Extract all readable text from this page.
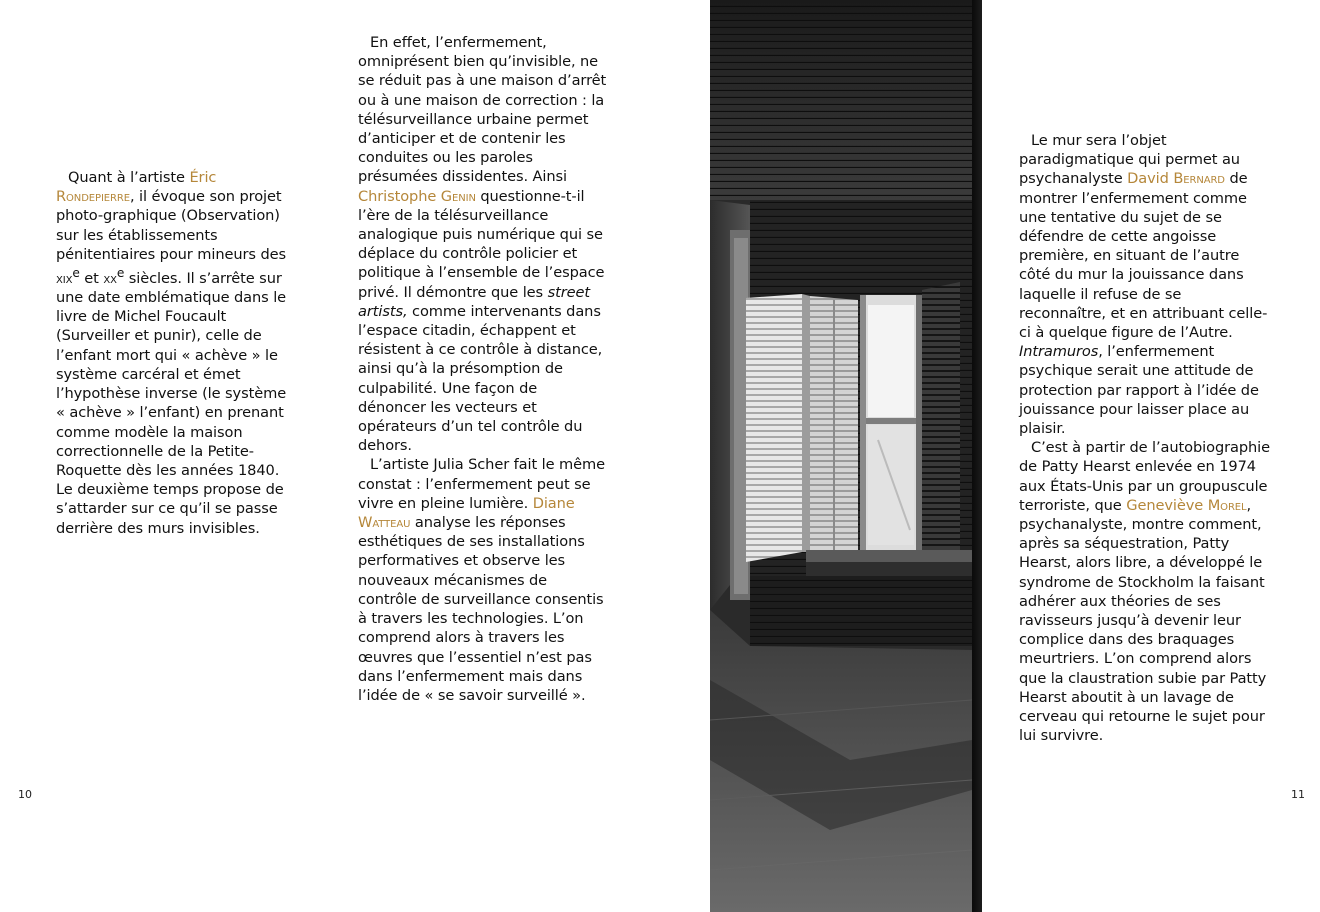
Quant à l’artiste Éric Rondepierre, il évoque son projet photo-graphique (Observation) sur les établissements pénitentiaires pour mineurs des xix$^e$ et $xx^e$ siècles. Il s’arrête sur une date emblématique dans le livre de Michel Foucault (Surveiller et punir), celle de l’enfant mort qui « achève » le système carcéral et émet l’hypothèse inverse (le système « achève » l’enfant) en prenant comme modèle la maison correctionnelle de la Petite-Roquette dès les années 1840. Le deuxième temps propose de s’attarder sur ce qu’il se passe derrière des murs invisibles.

En effet, l’enfermement, omniprésent bien qu’invisible, ne se réduit pas à une maison d’arrêt ou à une maison de correction : la télésurveillance urbaine permet d’anticiper et de contenir les conduites ou les paroles présumées dissidentes. Ainsi Christophe Genin questionne-t-il l’ère de la télésurveillance analogique puis numérique qui se déplace du contrôle policier et politique à l’ensemble de l’espace privé. Il démontre que les street artists, comme intervenants dans l’espace citadin, échappent et résistent à ce contrôle à distance, ainsi qu’à la présomption de culpabilité. Une façon de dénoncer les vecteurs et opérateurs d’un tel contrôle du dehors.

L’artiste Julia Scher fait le même constat : l’enfermement peut se vivre en pleine lumière. Diane Watteau analyse les réponses esthétiques de ses installations performatives et observe les nouveaux mécanismes de contrôle de surveillance consentis à travers les technologies. L’on comprend alors à travers les œuvres que l’essentiel n’est pas dans l’enfermement mais dans l’idée de « se savoir surveillé ».

10

Le mur sera l’objet paradigmatique qui permet au psychanalyste David Bernard de montrer l’enfermement comme une tentative du sujet de se défendre de cette angoisse première, en situant de l’autre côté du mur la jouissance dans laquelle il refuse de se reconnaître, et en attribuant celle-ci à quelque figure de l’Autre. Intramuros, l’enfermement psychique serait une attitude de protection par rapport à l’idée de jouissance pour laisser place au plaisir.

C’est à partir de l’autobiographie de Patty Hearst enlevée en 1974 aux États-Unis par un groupuscule terroriste, que Geneviève Morel, psychanalyste, montre comment, après sa séquestration, Patty Hearst, alors libre, a développé le syndrome de Stockholm la faisant adhérer aux théories de ses ravisseurs jusqu’à devenir leur complice dans des braquages meurtriers. L’on comprend alors que la claustration subie par Patty Hearst aboutit à un lavage de cerveau qui retourne le sujet pour lui survivre.

11
